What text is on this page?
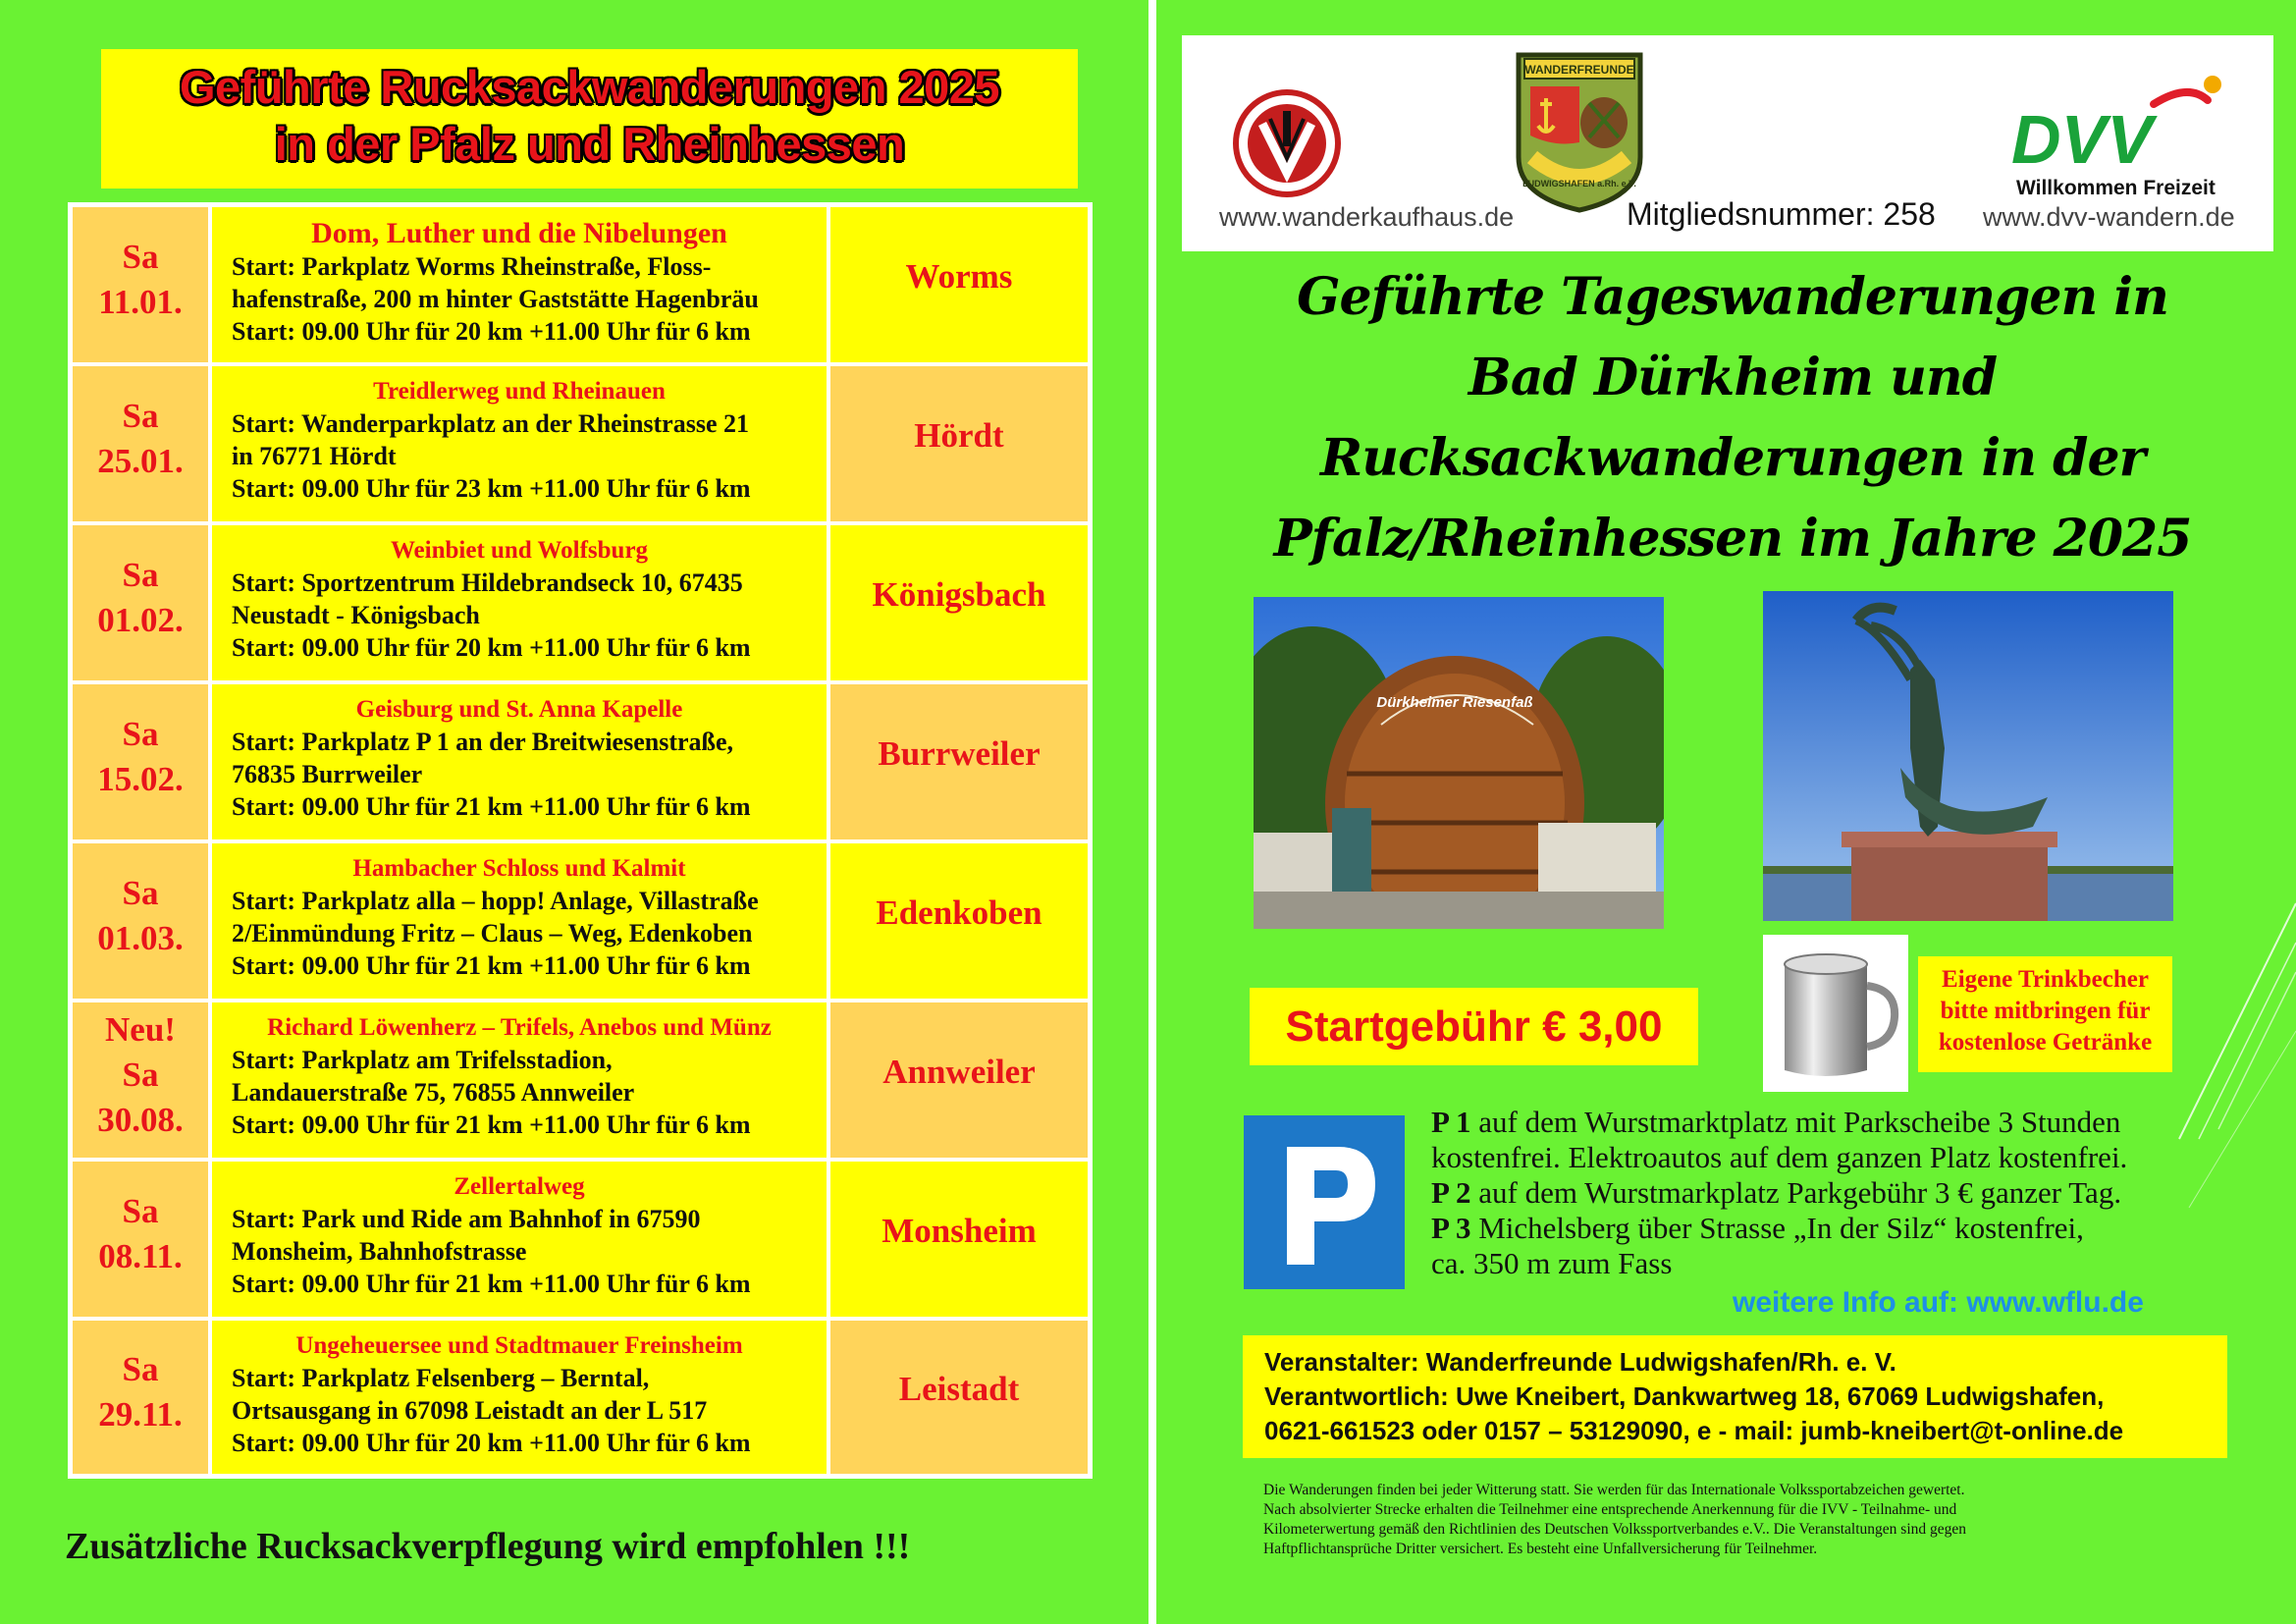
Geführte Rucksackwanderungen 2025
in der Pfalz und Rheinhessen
Sa
11.01.
Dom, Luther und die Nibelungen
Start: Parkplatz Worms Rheinstraße, Floss-
hafenstraße, 200 m hinter Gaststätte Hagenbräu
Start: 09.00 Uhr für 20 km +11.00 Uhr für 6 km
Worms
Sa
25.01.
Treidlerweg und Rheinauen
Start: Wanderparkplatz an der Rheinstrasse 21
in 76771 Hördt
Start: 09.00 Uhr für 23 km +11.00 Uhr für 6 km
Hördt
Sa
01.02.
Weinbiet und Wolfsburg
Start: Sportzentrum Hildebrandseck 10, 67435
Neustadt - Königsbach
Start: 09.00 Uhr für 20 km +11.00 Uhr für 6 km
Königsbach
Sa
15.02.
Geisburg und St. Anna Kapelle
Start: Parkplatz P 1 an der Breitwiesenstraße,
76835 Burrweiler
Start: 09.00 Uhr für 21 km +11.00 Uhr für 6 km
Burrweiler
Sa
01.03.
Hambacher Schloss und Kalmit
Start: Parkplatz alla – hopp! Anlage, Villastraße
2/Einmündung Fritz – Claus – Weg, Edenkoben
Start: 09.00 Uhr für 21 km +11.00 Uhr für 6 km
Edenkoben
Neu!
Sa
30.08.
Richard Löwenherz – Trifels, Anebos und Münz
Start: Parkplatz am Trifelsstadion,
Landauerstraße 75, 76855 Annweiler
Start: 09.00 Uhr für 21 km +11.00 Uhr für 6 km
Annweiler
Sa
08.11.
Zellertalweg
Start: Park und Ride am Bahnhof in 67590
Monsheim, Bahnhofstrasse
Start: 09.00 Uhr für 21 km +11.00 Uhr für 6 km
Monsheim
Sa
29.11.
Ungeheuersee und Stadtmauer Freinsheim
Start: Parkplatz Felsenberg – Berntal,
Ortsausgang in 67098 Leistadt an der L 517
Start: 09.00 Uhr für 20 km +11.00 Uhr für 6 km
Leistadt
Zusätzliche Rucksackverpflegung wird empfohlen !!!
www.wanderkaufhaus.de
WANDERFREUNDE
LUDWIGSHAFEN a.Rh. e.V.
Mitgliedsnummer: 258
DVV
Willkommen Freizeit
www.dvv-wandern.de
Geführte Tageswanderungen in
Bad Dürkheim und
Rucksackwanderungen in der
Pfalz/Rheinhessen im Jahre 2025
Dürkheimer Riesenfaß
Startgebühr € 3,00
Eigene Trinkbecher
bitte mitbringen für
kostenlose Getränke
P 1 auf dem Wurstmarktplatz mit Parkscheibe 3 Stunden
kostenfrei. Elektroautos auf dem ganzen Platz kostenfrei.
P 2 auf dem Wurstmarkplatz Parkgebühr 3 € ganzer Tag.
P 3 Michelsberg über Strasse „In der Silz“ kostenfrei,
ca. 350 m zum Fass
weitere Info auf: www.wflu.de
Veranstalter: Wanderfreunde Ludwigshafen/Rh. e. V.
Verantwortlich: Uwe Kneibert, Dankwartweg 18, 67069 Ludwigshafen,
0621-661523 oder 0157 – 53129090, e - mail: jumb-kneibert@t-online.de
Die Wanderungen finden bei jeder Witterung statt. Sie werden für das Internationale Volkssportabzeichen gewertet.
Nach absolvierter Strecke erhalten die Teilnehmer eine entsprechende Anerkennung für die IVV - Teilnahme- und
Kilometerwertung gemäß den Richtlinien des Deutschen Volkssportverbandes e.V.. Die Veranstaltungen sind gegen
Haftpflichtansprüche Dritter versichert. Es besteht eine Unfallversicherung für Teilnehmer.
